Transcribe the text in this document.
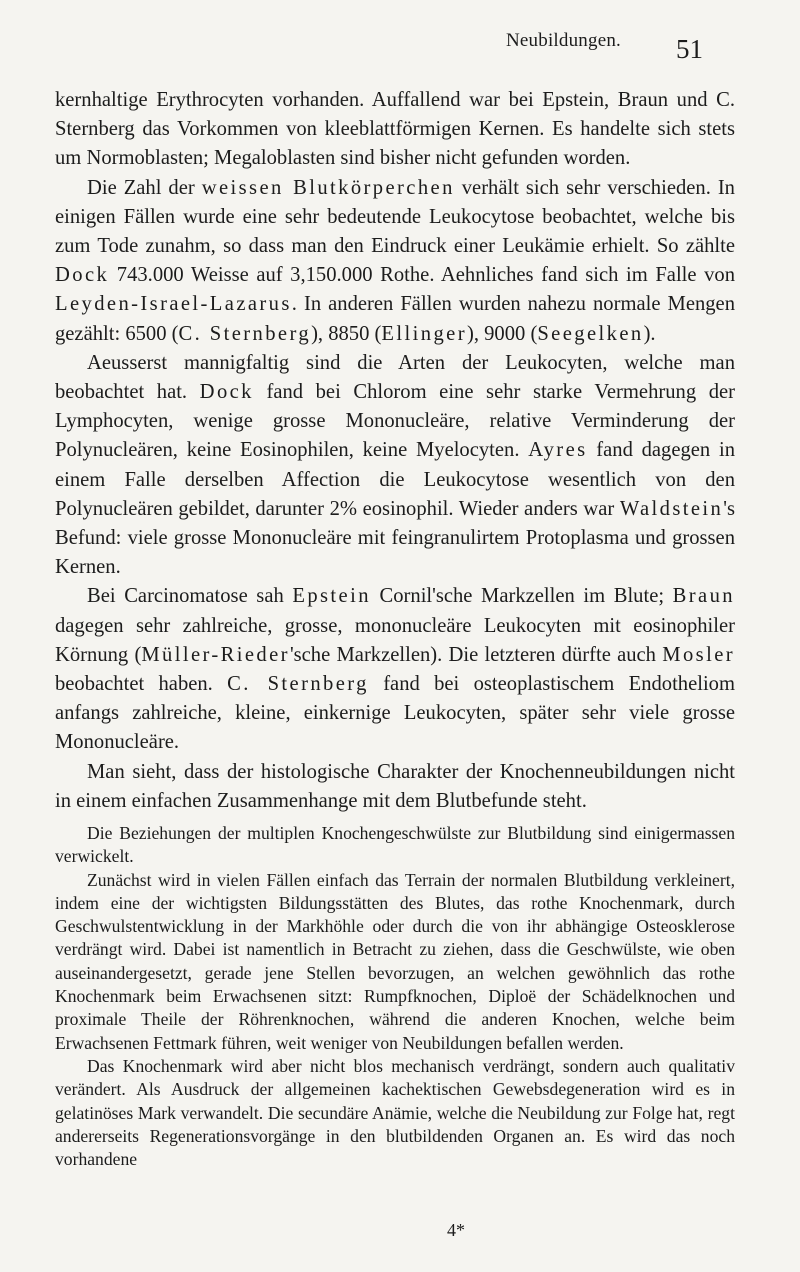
Neubildungen. 51

kernhaltige Erythrocyten vorhanden. Auffallend war bei Epstein, Braun und C. Sternberg das Vorkommen von kleeblattförmigen Kernen. Es handelte sich stets um Normoblasten; Megaloblasten sind bisher nicht gefunden worden.

Die Zahl der weissen Blutkörperchen verhält sich sehr verschieden. In einigen Fällen wurde eine sehr bedeutende Leukocytose beobachtet, welche bis zum Tode zunahm, so dass man den Eindruck einer Leukämie erhielt. So zählte Dock 743.000 Weisse auf 3,150.000 Rothe. Aehnliches fand sich im Falle von Leyden-Israel-Lazarus. In anderen Fällen wurden nahezu normale Mengen gezählt: 6500 (C. Sternberg), 8850 (Ellinger), 9000 (Seegelken).

Aeusserst mannigfaltig sind die Arten der Leukocyten, welche man beobachtet hat. Dock fand bei Chlorom eine sehr starke Vermehrung der Lymphocyten, wenige grosse Mononucleäre, relative Verminderung der Polynucleären, keine Eosinophilen, keine Myelocyten. Ayres fand dagegen in einem Falle derselben Affection die Leukocytose wesentlich von den Polynucleären gebildet, darunter 2% eosinophil. Wieder anders war Waldstein's Befund: viele grosse Mononucleäre mit feingranulirtem Protoplasma und grossen Kernen.

Bei Carcinomatose sah Epstein Cornil'sche Markzellen im Blute; Braun dagegen sehr zahlreiche, grosse, mononucleäre Leukocyten mit eosinophiler Körnung (Müller-Rieder'sche Markzellen). Die letzteren dürfte auch Mosler beobachtet haben. C. Sternberg fand bei osteoplastischem Endotheliom anfangs zahlreiche, kleine, einkernige Leukocyten, später sehr viele grosse Mononucleäre.

Man sieht, dass der histologische Charakter der Knochenneubildungen nicht in einem einfachen Zusammenhange mit dem Blutbefunde steht.

Die Beziehungen der multiplen Knochengeschwülste zur Blutbildung sind einigermassen verwickelt.

Zunächst wird in vielen Fällen einfach das Terrain der normalen Blutbildung verkleinert, indem eine der wichtigsten Bildungsstätten des Blutes, das rothe Knochenmark, durch Geschwulstentwicklung in der Markhöhle oder durch die von ihr abhängige Osteosklerose verdrängt wird. Dabei ist namentlich in Betracht zu ziehen, dass die Geschwülste, wie oben auseinandergesetzt, gerade jene Stellen bevorzugen, an welchen gewöhnlich das rothe Knochenmark beim Erwachsenen sitzt: Rumpfknochen, Diploë der Schädelknochen und proximale Theile der Röhrenknochen, während die anderen Knochen, welche beim Erwachsenen Fettmark führen, weit weniger von Neubildungen befallen werden.

Das Knochenmark wird aber nicht blos mechanisch verdrängt, sondern auch qualitativ verändert. Als Ausdruck der allgemeinen kachektischen Gewebsdegeneration wird es in gelatinöses Mark verwandelt. Die secundäre Anämie, welche die Neubildung zur Folge hat, regt andererseits Regenerationsvorgänge in den blutbildenden Organen an. Es wird das noch vorhandene

4*
